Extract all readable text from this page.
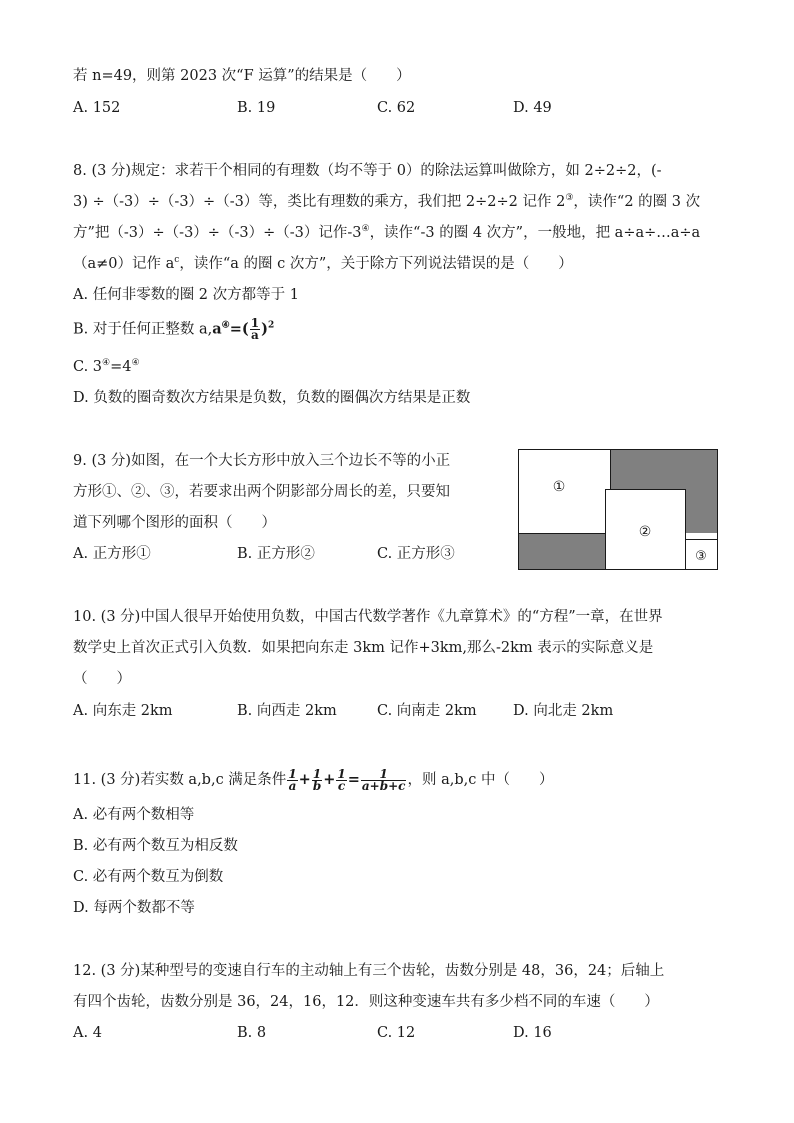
若 n=49，则第 2023 次“F 运算”的结果是（　　）
A. 152	B. 19	C. 62	D. 49
8. (3 分)规定：求若干个相同的有理数（均不等于 0）的除法运算叫做除方，如 2÷2÷2，(-
3) ÷（-3）÷（-3）÷（-3）等，类比有理数的乘方，我们把 2÷2÷2 记作 2③，读作“2 的圈 3 次
方”把（-3）÷（-3）÷（-3）÷（-3）记作-3④，读作“-3 的圈 4 次方”，一般地，把 a÷a÷…a÷a
（a≠0）记作 $a^c$，读作“a 的圈 c 次方”，关于除方下列说法错误的是（　　）
A. 任何非零数的圈 2 次方都等于 1
B. 对于任何正整数 $a,a^④=( \frac{1}{a} )^2$
C. 3④=4④
D. 负数的圈奇数次方结果是负数，负数的圈偶次方结果是正数
9. (3 分)如图，在一个大长方形中放入三个边长不等的小正
方形①、②、③，若要求出两个阴影部分周长的差，只要知
道下列哪个图形的面积（　　）
A. 正方形①	B. 正方形②	C. 正方形③
①
②
③
10. (3 分)中国人很早开始使用负数，中国古代数学著作《九章算术》的“方程”一章，在世界
数学史上首次正式引入负数．如果把向东走 3km 记作+3km,那么-2km 表示的实际意义是
（　　）
A. 向东走 2km	B. 向西走 2km	C. 向南走 2km	D. 向北走 2km
11. (3 分)若实数 a,b,c 满足条件 $\frac{1}{a} + \frac{1}{b} + \frac{1}{c} = \frac{1}{a+b+c}$ ，则 a,b,c 中（　　）
A. 必有两个数相等
B. 必有两个数互为相反数
C. 必有两个数互为倒数
D. 每两个数都不等
12. (3 分)某种型号的变速自行车的主动轴上有三个齿轮，齿数分别是 48，36，24；后轴上
有四个齿轮，齿数分别是 36，24，16，12．则这种变速车共有多少档不同的车速（　　）
A. 4	B. 8	C. 12	D. 16
